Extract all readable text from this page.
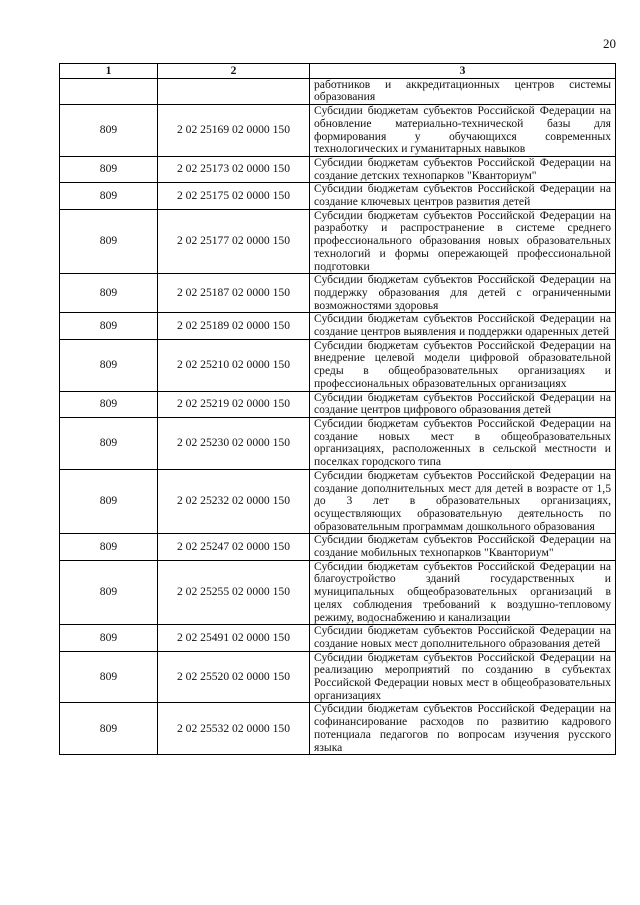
20
1	2	3
		работников и аккредитационных центров системы образования
809	2 02 25169 02 0000 150	Субсидии бюджетам субъектов Российской Федерации на обновление материально-технической базы для формирования у обучающихся современных технологических и гуманитарных навыков
809	2 02 25173 02 0000 150	Субсидии бюджетам субъектов Российской Федерации на создание детских технопарков "Кванториум"
809	2 02 25175 02 0000 150	Субсидии бюджетам субъектов Российской Федерации на создание ключевых центров развития детей
809	2 02 25177 02 0000 150	Субсидии бюджетам субъектов Российской Федерации на разработку и распространение в системе среднего профессионального образования новых образовательных технологий и формы опережающей профессиональной подготовки
809	2 02 25187 02 0000 150	Субсидии бюджетам субъектов Российской Федерации на поддержку образования для детей с ограниченными возможностями здоровья
809	2 02 25189 02 0000 150	Субсидии бюджетам субъектов Российской Федерации на создание центров выявления и поддержки одаренных детей
809	2 02 25210 02 0000 150	Субсидии бюджетам субъектов Российской Федерации на внедрение целевой модели цифровой образовательной среды в общеобразовательных организациях и профессиональных образовательных организациях
809	2 02 25219 02 0000 150	Субсидии бюджетам субъектов Российской Федерации на создание центров цифрового образования детей
809	2 02 25230 02 0000 150	Субсидии бюджетам субъектов Российской Федерации на создание новых мест в общеобразовательных организациях, расположенных в сельской местности и поселках городского типа
809	2 02 25232 02 0000 150	Субсидии бюджетам субъектов Российской Федерации на создание дополнительных мест для детей в возрасте от 1,5 до 3 лет в образовательных организациях, осуществляющих образовательную деятельность по образовательным программам дошкольного образования
809	2 02 25247 02 0000 150	Субсидии бюджетам субъектов Российской Федерации на создание мобильных технопарков "Кванториум"
809	2 02 25255 02 0000 150	Субсидии бюджетам субъектов Российской Федерации на благоустройство зданий государственных и муниципальных общеобразовательных организаций в целях соблюдения требований к воздушно-тепловому режиму, водоснабжению и канализации
809	2 02 25491 02 0000 150	Субсидии бюджетам субъектов Российской Федерации на создание новых мест дополнительного образования детей
809	2 02 25520 02 0000 150	Субсидии бюджетам субъектов Российской Федерации на реализацию мероприятий по созданию в субъектах Российской Федерации новых мест в общеобразовательных организациях
809	2 02 25532 02 0000 150	Субсидии бюджетам субъектов Российской Федерации на софинансирование расходов по развитию кадрового потенциала педагогов по вопросам изучения русского языка
